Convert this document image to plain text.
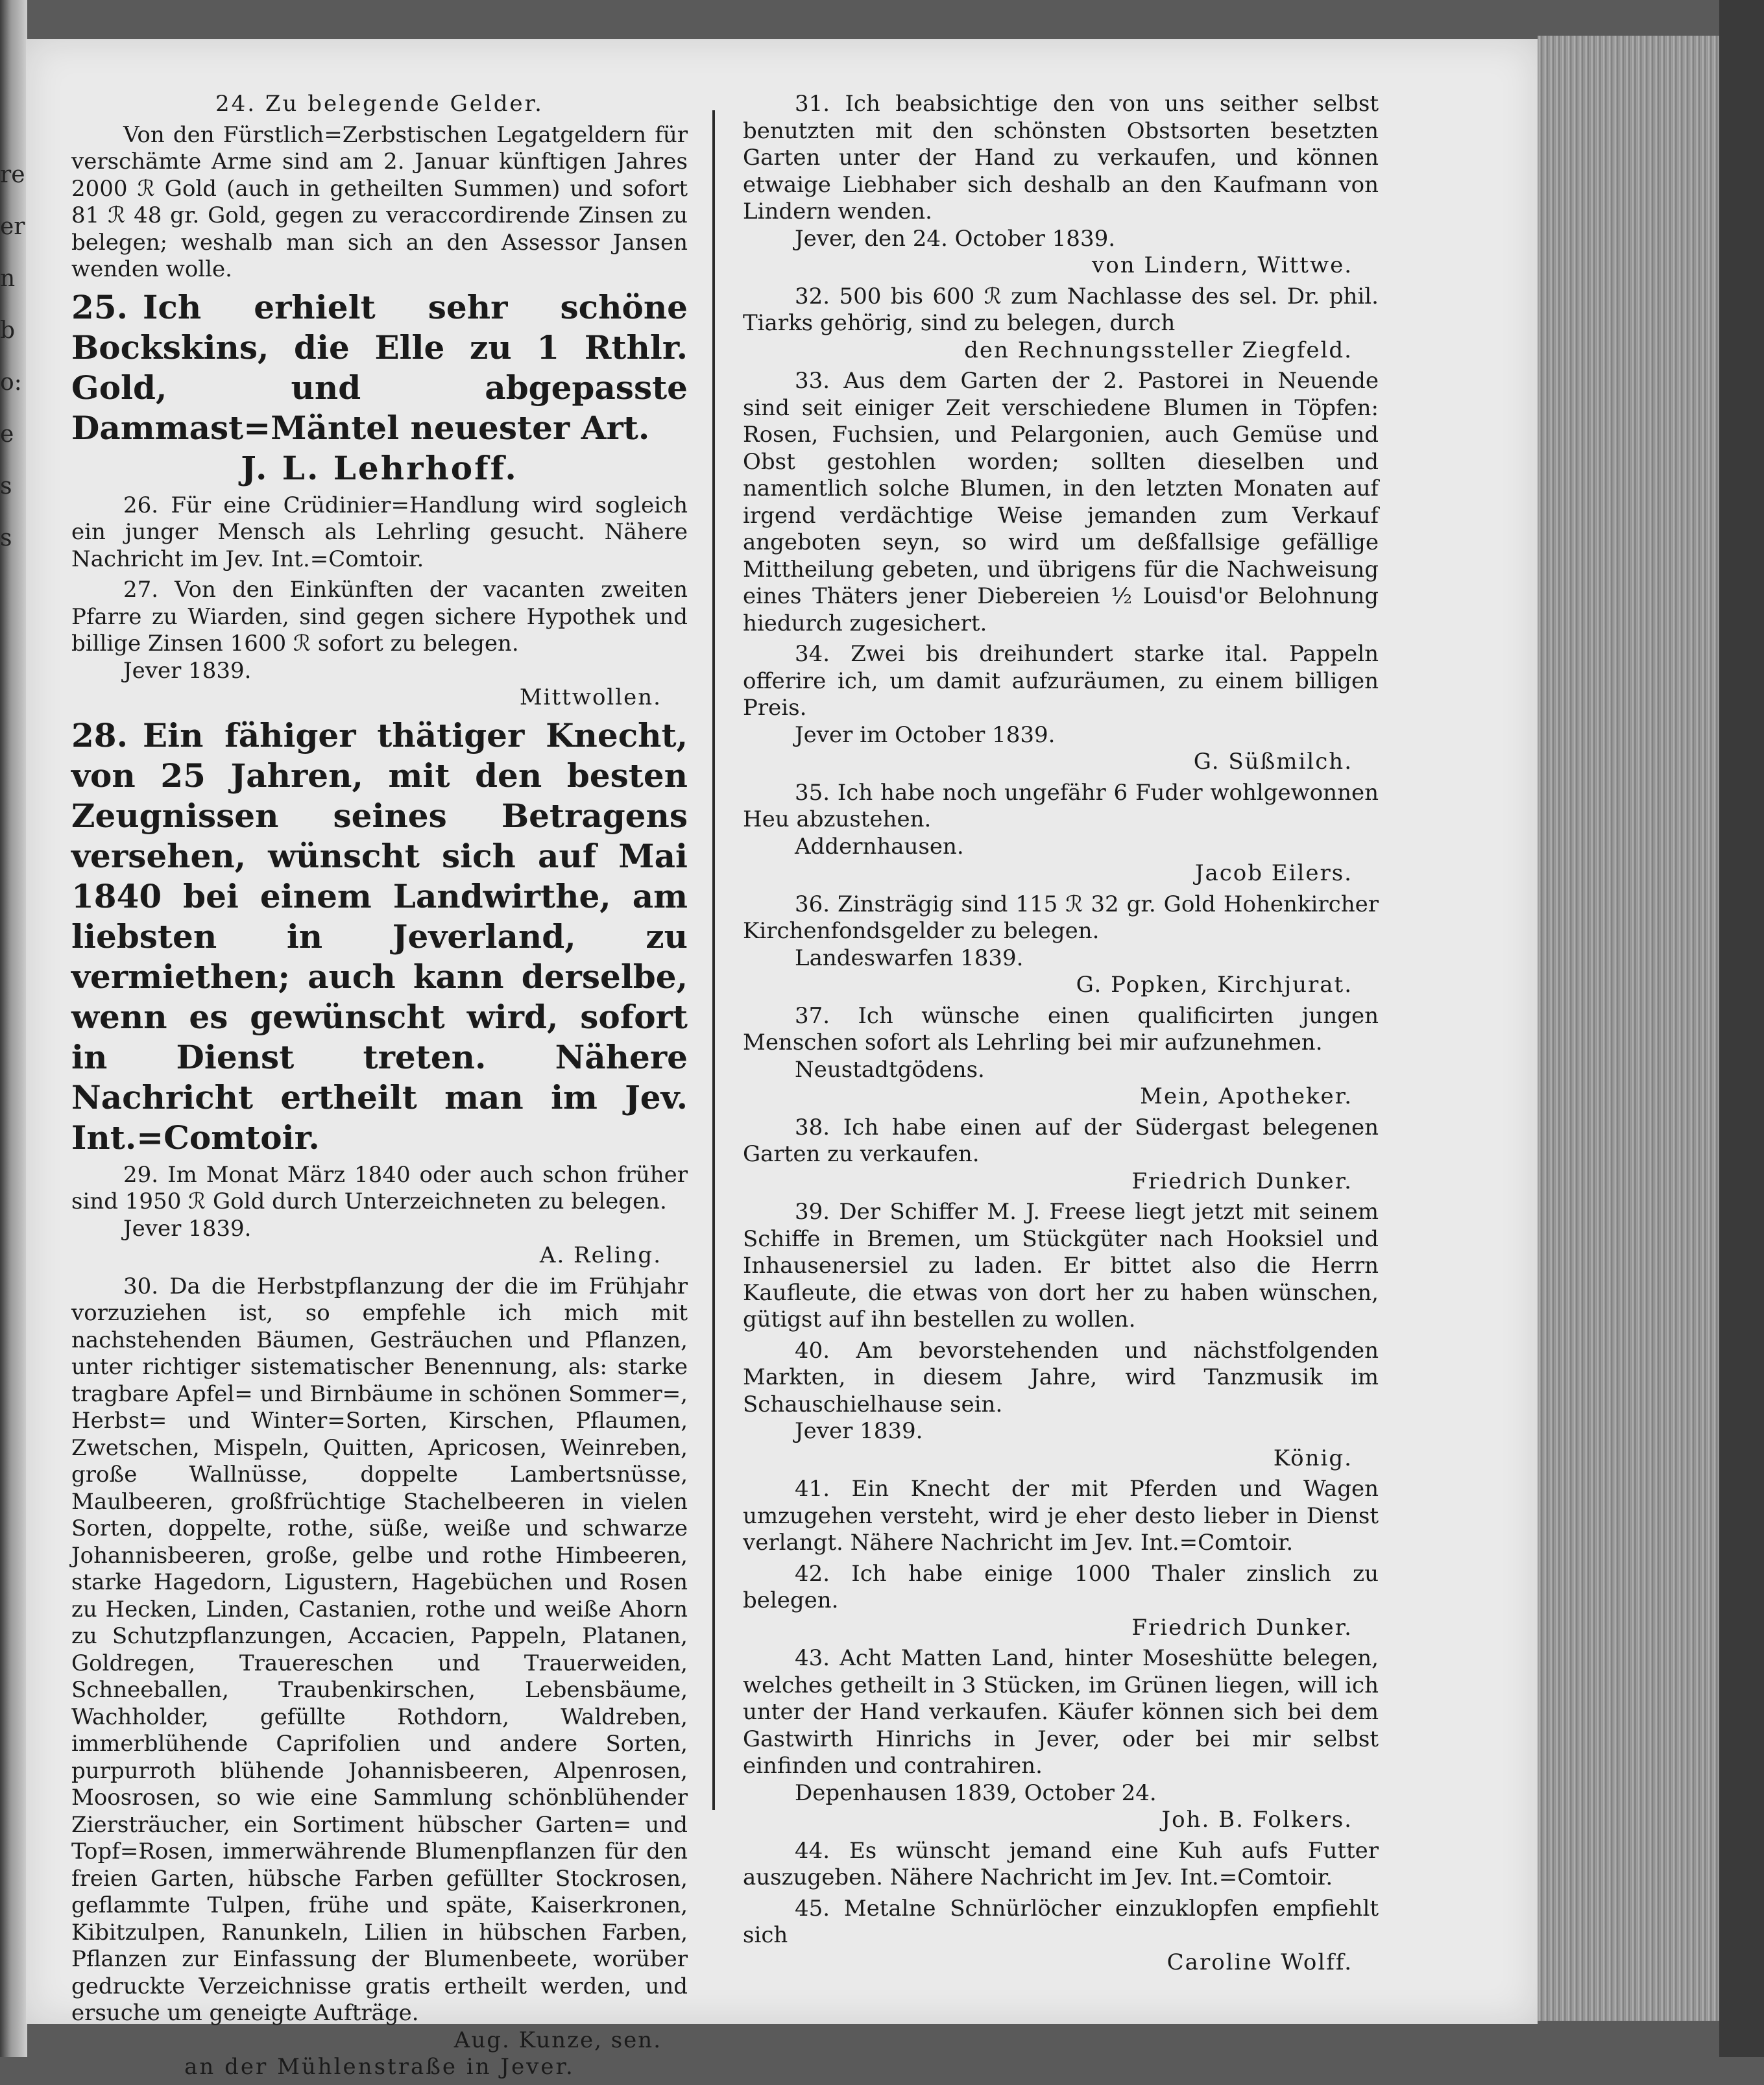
re
er
n
b
o:
e
s
s

24. Zu belegende Gelder.

Von den Fürstlich=Zerbstischen Legatgeldern für verschämte Arme sind am 2. Januar künftigen Jahres 2000 ℛ Gold (auch in getheilten Summen) und sofort 81 ℛ 48 gr. Gold, gegen zu veraccordirende Zinsen zu belegen; weshalb man sich an den Assessor Jansen wenden wolle.

25.Ich erhielt sehr schöne Bockskins, die Elle zu 1 Rthlr. Gold, und abgepasste Dammast=Mäntel neuester Art.

J. L. Lehrhoff.

26. Für eine Crüdinier=Handlung wird sogleich ein junger Mensch als Lehrling gesucht. Nähere Nachricht im Jev. Int.=Comtoir.

27. Von den Einkünften der vacanten zweiten Pfarre zu Wiarden, sind gegen sichere Hypothek und billige Zinsen 1600 ℛ sofort zu belegen.

Jever 1839.

Mittwollen.

28.Ein fähiger thätiger Knecht, von 25 Jahren, mit den besten Zeugnissen seines Betragens versehen, wünscht sich auf Mai 1840 bei einem Landwirthe, am liebsten in Jeverland, zu vermiethen; auch kann derselbe, wenn es gewünscht wird, sofort in Dienst treten. Nähere Nachricht ertheilt man im Jev. Int.=Comtoir.

29. Im Monat März 1840 oder auch schon früher sind 1950 ℛ Gold durch Unterzeichneten zu belegen.

Jever 1839.

A. Reling.

30. Da die Herbstpflanzung der die im Frühjahr vorzuziehen ist, so empfehle ich mich mit nachstehenden Bäumen, Gesträuchen und Pflanzen, unter richtiger sistematischer Benennung, als: starke tragbare Apfel= und Birnbäume in schönen Sommer=, Herbst= und Winter=Sorten, Kirschen, Pflaumen, Zwetschen, Mispeln, Quitten, Apricosen, Weinreben, große Wallnüsse, doppelte Lambertsnüsse, Maulbeeren, großfrüchtige Stachelbeeren in vielen Sorten, doppelte, rothe, süße, weiße und schwarze Johannisbeeren, große, gelbe und rothe Himbeeren, starke Hagedorn, Ligustern, Hagebüchen und Rosen zu Hecken, Linden, Castanien, rothe und weiße Ahorn zu Schutzpflanzungen, Accacien, Pappeln, Platanen, Goldregen, Trauereschen und Trauerweiden, Schneeballen, Traubenkirschen, Lebensbäume, Wachholder, gefüllte Rothdorn, Waldreben, immerblühende Caprifolien und andere Sorten, purpurroth blühende Johannisbeeren, Alpenrosen, Moosrosen, so wie eine Sammlung schönblühender Ziersträucher, ein Sortiment hübscher Garten= und Topf=Rosen, immerwährende Blumenpflanzen für den freien Garten, hübsche Farben gefüllter Stockrosen, geflammte Tulpen, frühe und späte, Kaiserkronen, Kibitzulpen, Ranunkeln, Lilien in hübschen Farben, Pflanzen zur Einfassung der Blumenbeete, worüber gedruckte Verzeichnisse gratis ertheilt werden, und ersuche um geneigte Aufträge.

Aug. Kunze, sen.

an der Mühlenstraße in Jever.

31. Ich beabsichtige den von uns seither selbst benutzten mit den schönsten Obstsorten besetzten Garten unter der Hand zu verkaufen, und können etwaige Liebhaber sich deshalb an den Kaufmann von Lindern wenden.

Jever, den 24. October 1839.

von Lindern, Wittwe.

32. 500 bis 600 ℛ zum Nachlasse des sel. Dr. phil. Tiarks gehörig, sind zu belegen, durch

den Rechnungssteller Ziegfeld.

33. Aus dem Garten der 2. Pastorei in Neuende sind seit einiger Zeit verschiedene Blumen in Töpfen: Rosen, Fuchsien, und Pelargonien, auch Gemüse und Obst gestohlen worden; sollten dieselben und namentlich solche Blumen, in den letzten Monaten auf irgend verdächtige Weise jemanden zum Verkauf angeboten seyn, so wird um deßfallsige gefällige Mittheilung gebeten, und übrigens für die Nachweisung eines Thäters jener Diebereien ½ Louisd'or Belohnung hiedurch zugesichert.

34. Zwei bis dreihundert starke ital. Pappeln offerire ich, um damit aufzuräumen, zu einem billigen Preis.

Jever im October 1839.

G. Süßmilch.

35. Ich habe noch ungefähr 6 Fuder wohlgewonnen Heu abzustehen.

Addernhausen.

Jacob Eilers.

36. Zinsträgig sind 115 ℛ 32 gr. Gold Hohenkircher Kirchenfondsgelder zu belegen.

Landeswarfen 1839.

G. Popken, Kirchjurat.

37. Ich wünsche einen qualificirten jungen Menschen sofort als Lehrling bei mir aufzunehmen.

Neustadtgödens.

Mein, Apotheker.

38. Ich habe einen auf der Südergast belegenen Garten zu verkaufen.

Friedrich Dunker.

39. Der Schiffer M. J. Freese liegt jetzt mit seinem Schiffe in Bremen, um Stückgüter nach Hooksiel und Inhausenersiel zu laden. Er bittet also die Herrn Kaufleute, die etwas von dort her zu haben wünschen, gütigst auf ihn bestellen zu wollen.

40. Am bevorstehenden und nächstfolgenden Markten, in diesem Jahre, wird Tanzmusik im Schauschielhause sein.

Jever 1839.

König.

41. Ein Knecht der mit Pferden und Wagen umzugehen versteht, wird je eher desto lieber in Dienst verlangt. Nähere Nachricht im Jev. Int.=Comtoir.

42. Ich habe einige 1000 Thaler zinslich zu belegen.

Friedrich Dunker.

43. Acht Matten Land, hinter Moseshütte belegen, welches getheilt in 3 Stücken, im Grünen liegen, will ich unter der Hand verkaufen. Käufer können sich bei dem Gastwirth Hinrichs in Jever, oder bei mir selbst einfinden und contrahiren.

Depenhausen 1839, October 24.

Joh. B. Folkers.

44. Es wünscht jemand eine Kuh aufs Futter auszugeben. Nähere Nachricht im Jev. Int.=Comtoir.

45. Metalne Schnürlöcher einzuklopfen empfiehlt sich

Caroline Wolff.
